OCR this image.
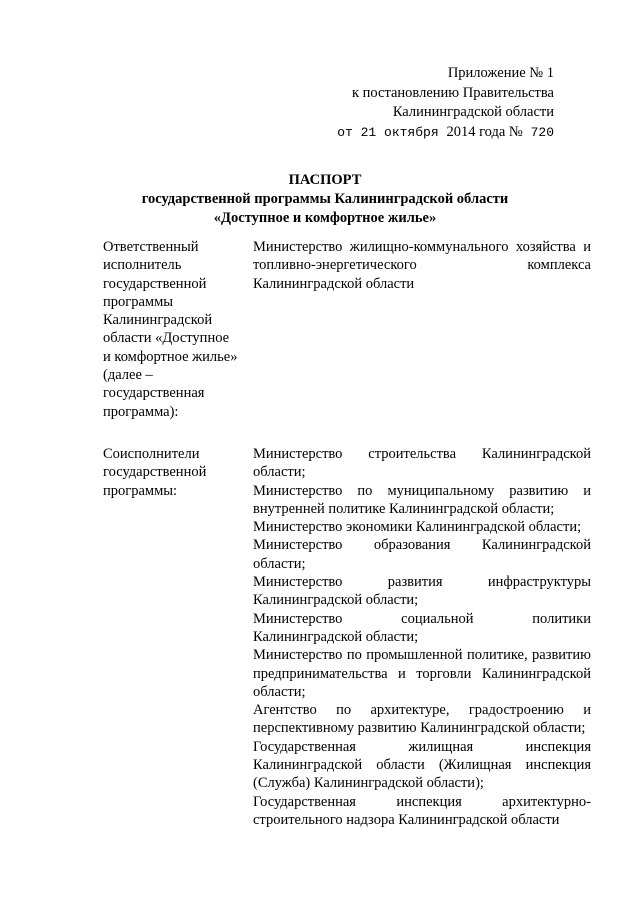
Приложение № 1
к постановлению Правительства
Калининградской области
от 21 октября 2014 года № 720
ПАСПОРТ
государственной программы Калининградской области
«Доступное и комфортное жилье»
Ответственный исполнитель государственной программы Калининградской области «Доступное и комфортное жилье» (далее – государственная программа):

Министерство жилищно-коммунального хозяйства и топливно-энергетического комплекса Калининградской области

Соисполнители государственной программы:

Министерство строительства Калининградской области;

Министерство по муниципальному развитию и внутренней политике Калининградской области;

Министерство экономики Калининградской области;

Министерство образования Калининградской области;

Министерство развития инфраструктуры Калининградской области;

Министерство социальной политики Калининградской области;

Министерство по промышленной политике, развитию предпринимательства и торговли Калининградской области;

Агентство по архитектуре, градостроению и перспективному развитию Калининградской области;

Государственная жилищная инспекция Калининградской области (Жилищная инспекция (Служба) Калининградской области);

Государственная инспекция архитектурно-строительного надзора Калининградской области
